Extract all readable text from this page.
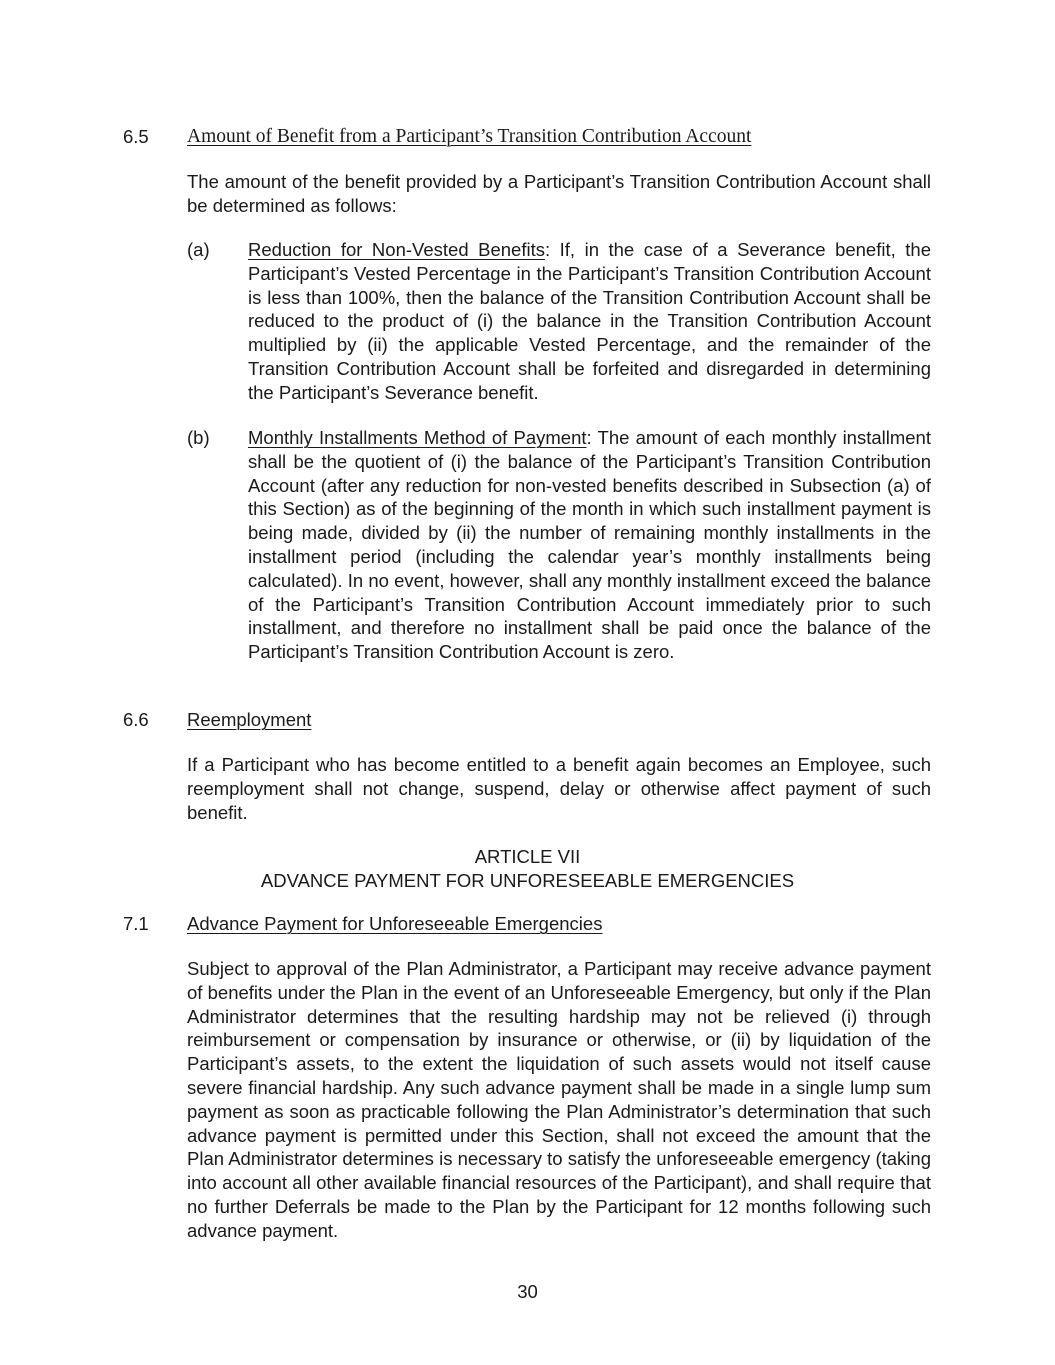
6.5 Amount of Benefit from a Participant’s Transition Contribution Account

The amount of the benefit provided by a Participant’s Transition Contribution Account shall be determined as follows:

(a) Reduction for Non-Vested Benefits: If, in the case of a Severance benefit, the Participant’s Vested Percentage in the Participant’s Transition Contribution Account is less than 100%, then the balance of the Transition Contribution Account shall be reduced to the product of (i) the balance in the Transition Contribution Account multiplied by (ii) the applicable Vested Percentage, and the remainder of the Transition Contribution Account shall be forfeited and disregarded in determining the Participant’s Severance benefit.

(b) Monthly Installments Method of Payment: The amount of each monthly installment shall be the quotient of (i) the balance of the Participant’s Transition Contribution Account (after any reduction for non-vested benefits described in Subsection (a) of this Section) as of the beginning of the month in which such installment payment is being made, divided by (ii) the number of remaining monthly installments in the installment period (including the calendar year’s monthly installments being calculated). In no event, however, shall any monthly installment exceed the balance of the Participant’s Transition Contribution Account immediately prior to such installment, and therefore no installment shall be paid once the balance of the Participant’s Transition Contribution Account is zero.

6.6 Reemployment

If a Participant who has become entitled to a benefit again becomes an Employee, such reemployment shall not change, suspend, delay or otherwise affect payment of such benefit.

ARTICLE VII
ADVANCE PAYMENT FOR UNFORESEEABLE EMERGENCIES
7.1 Advance Payment for Unforeseeable Emergencies

Subject to approval of the Plan Administrator, a Participant may receive advance payment of benefits under the Plan in the event of an Unforeseeable Emergency, but only if the Plan Administrator determines that the resulting hardship may not be relieved (i) through reimbursement or compensation by insurance or otherwise, or (ii) by liquidation of the Participant’s assets, to the extent the liquidation of such assets would not itself cause severe financial hardship. Any such advance payment shall be made in a single lump sum payment as soon as practicable following the Plan Administrator’s determination that such advance payment is permitted under this Section, shall not exceed the amount that the Plan Administrator determines is necessary to satisfy the unforeseeable emergency (taking into account all other available financial resources of the Participant), and shall require that no further Deferrals be made to the Plan by the Participant for 12 months following such advance payment.

30
